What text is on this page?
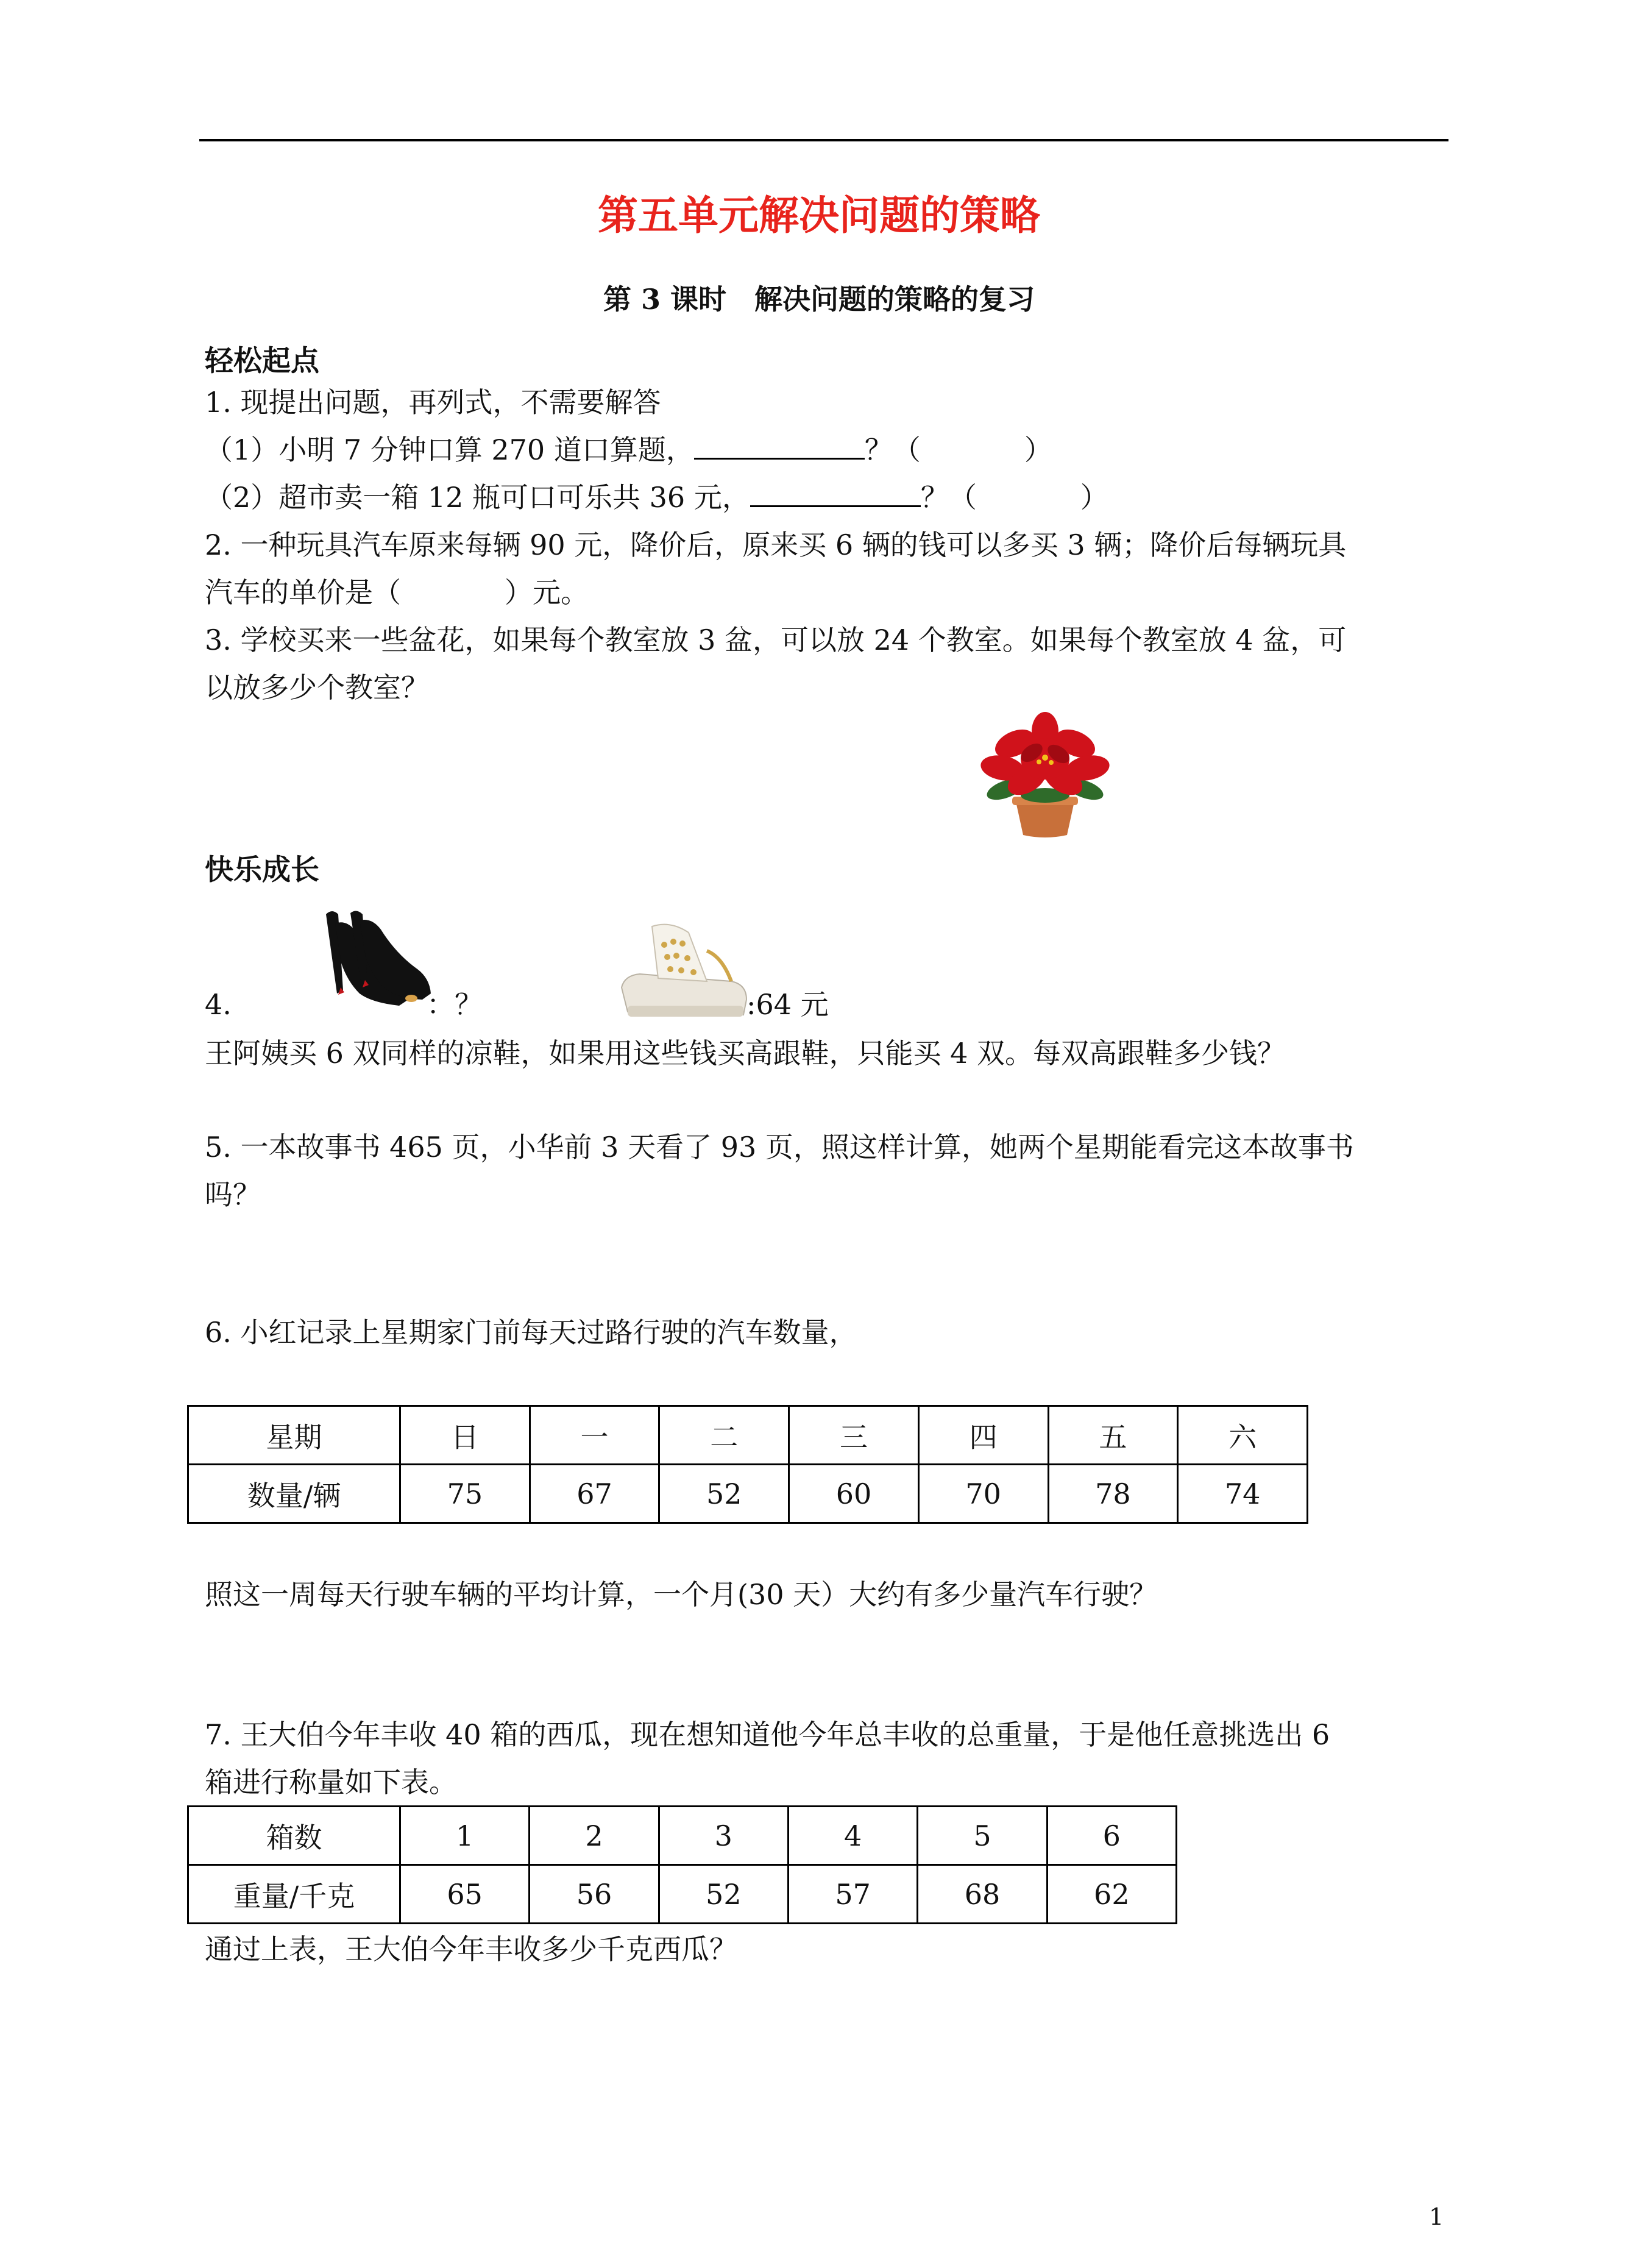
第五单元解决问题的策略
第 3 课时　解决问题的策略的复习
轻松起点
1. 现提出问题，再列式，不需要解答
（1）小明 7 分钟口算 270 道口算题，	？（	）
（2）超市卖一箱 12 瓶可口可乐共 36 元，	？（	）
2. 一种玩具汽车原来每辆 90 元，降价后，原来买 6 辆的钱可以多买 3 辆；降价后每辆玩具
汽车的单价是（	）元。
3. 学校买来一些盆花，如果每个教室放 3 盆，可以放 24 个教室。如果每个教室放 4 盆，可
以放多少个教室？
快乐成长
4.	：？	:64 元
王阿姨买 6 双同样的凉鞋，如果用这些钱买高跟鞋，只能买 4 双。每双高跟鞋多少钱？
5. 一本故事书 465 页，小华前 3 天看了 93 页，照这样计算，她两个星期能看完这本故事书
吗？
6. 小红记录上星期家门前每天过路行驶的汽车数量，
星期	日	一	二	三	四	五	六
数量/辆	75	67	52	60	70	78	74
照这一周每天行驶车辆的平均计算，一个月(30 天）大约有多少量汽车行驶？
7. 王大伯今年丰收 40 箱的西瓜，现在想知道他今年总丰收的总重量，于是他任意挑选出 6
箱进行称量如下表。
箱数	1	2	3	4	5	6
重量/千克	65	56	52	57	68	62
通过上表，王大伯今年丰收多少千克西瓜？
1
